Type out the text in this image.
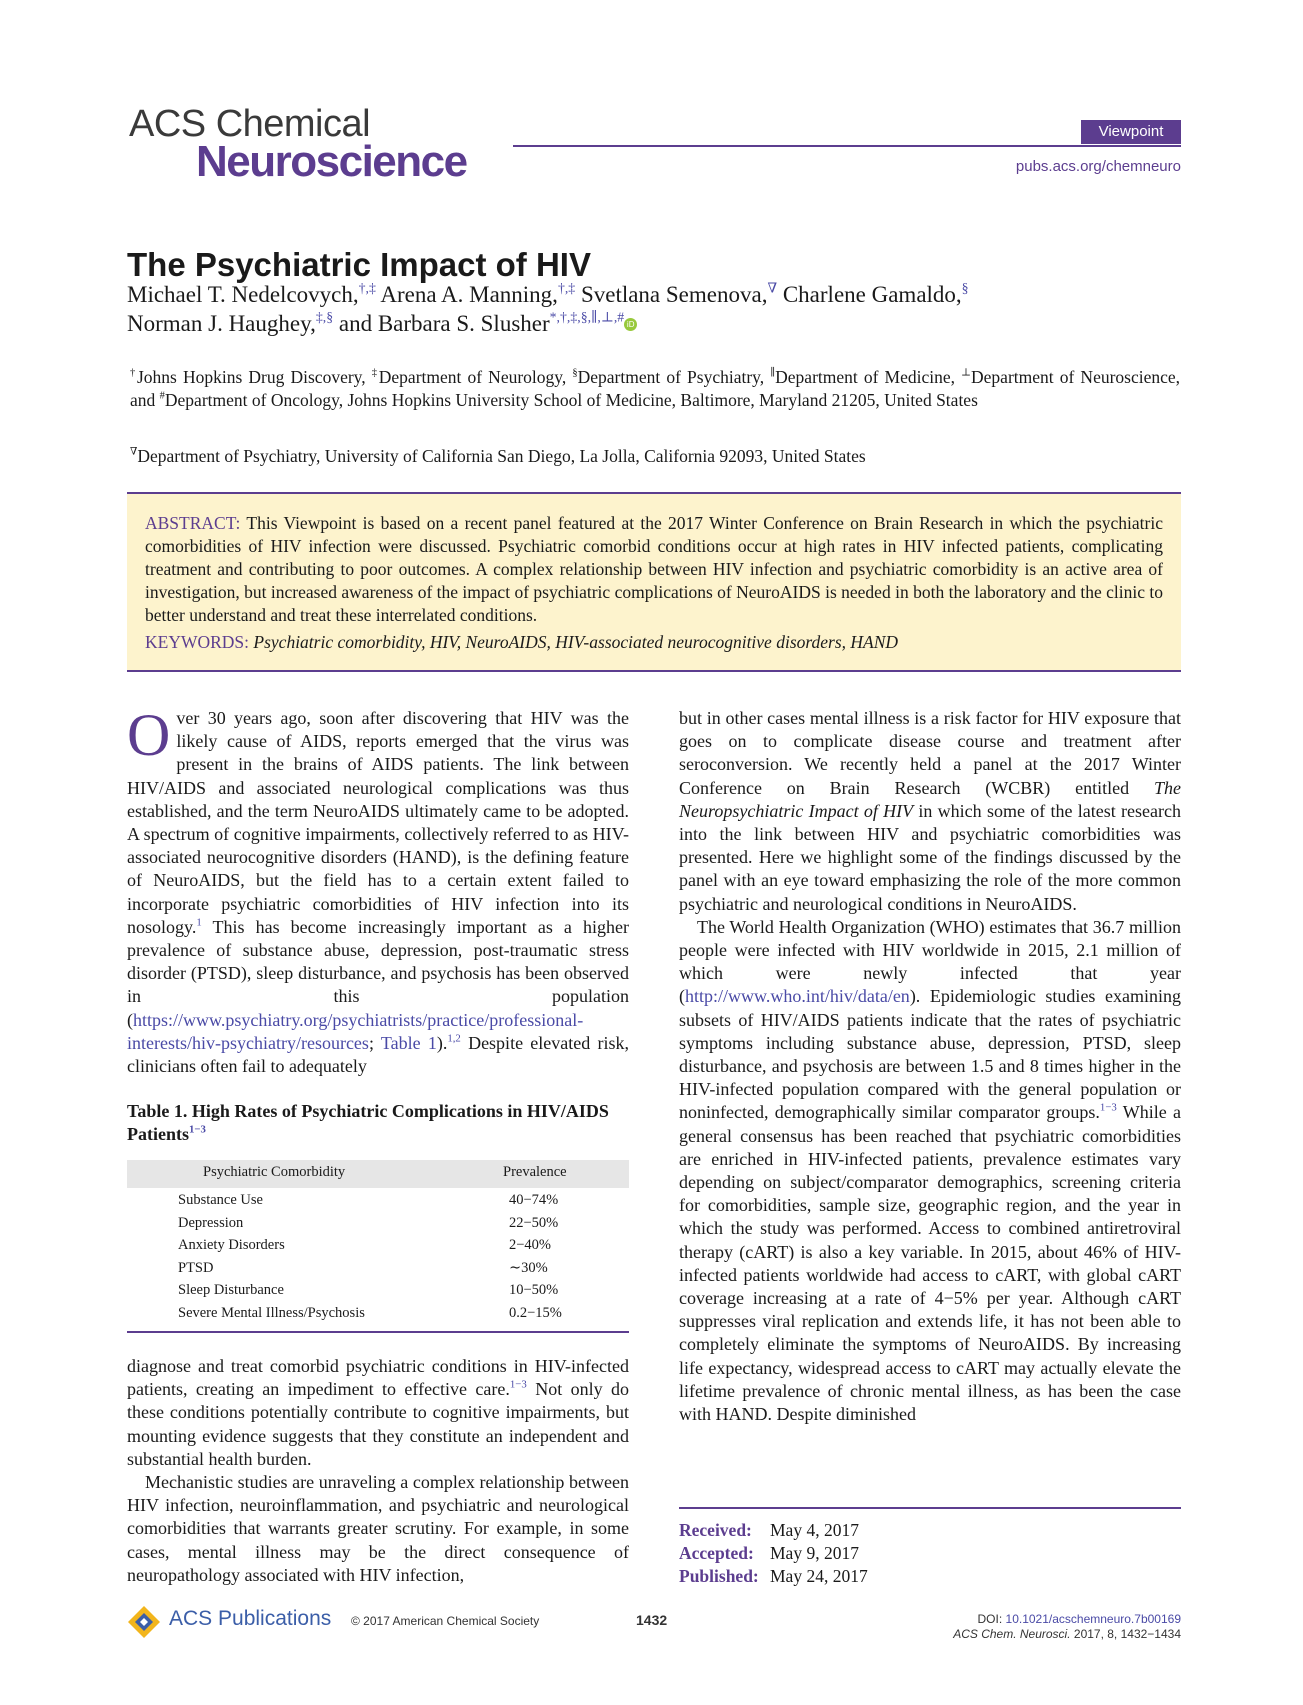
ACS Chemical
Neuroscience
Viewpoint
pubs.acs.org/chemneuro
The Psychiatric Impact of HIV
Michael T. Nedelcovych,†,‡ Arena A. Manning,†,‡ Svetlana Semenova,∇ Charlene Gamaldo,§
Norman J. Haughey,‡,§ and Barbara S. Slusher*,†,‡,§,∥,⊥,#iD
†Johns Hopkins Drug Discovery, ‡Department of Neurology, §Department of Psychiatry, ∥Department of Medicine, ⊥Department of Neuroscience, and #Department of Oncology, Johns Hopkins University School of Medicine, Baltimore, Maryland 21205, United States
∇Department of Psychiatry, University of California San Diego, La Jolla, California 92093, United States
ABSTRACT: This Viewpoint is based on a recent panel featured at the 2017 Winter Conference on Brain Research in which the psychiatric comorbidities of HIV infection were discussed. Psychiatric comorbid conditions occur at high rates in HIV infected patients, complicating treatment and contributing to poor outcomes. A complex relationship between HIV infection and psychiatric comorbidity is an active area of investigation, but increased awareness of the impact of psychiatric complications of NeuroAIDS is needed in both the laboratory and the clinic to better understand and treat these interrelated conditions.
KEYWORDS: Psychiatric comorbidity, HIV, NeuroAIDS, HIV-associated neurocognitive disorders, HAND

Over 30 years ago, soon after discovering that HIV was the likely cause of AIDS, reports emerged that the virus was present in the brains of AIDS patients. The link between HIV/AIDS and associated neurological complications was thus established, and the term NeuroAIDS ultimately came to be adopted. A spectrum of cognitive impairments, collectively referred to as HIV-associated neurocognitive disorders (HAND), is the defining feature of NeuroAIDS, but the field has to a certain extent failed to incorporate psychiatric comorbidities of HIV infection into its nosology.$^1$ This has become increasingly important as a higher prevalence of substance abuse, depression, post-traumatic stress disorder (PTSD), sleep disturbance, and psychosis has been observed in this population (https://www.psychiatry.org/psychiatrists/practice/professional-interests/hiv-psychiatry/resources; Table 1).$^{1,2}$ Despite elevated risk, clinicians often fail to adequately

Table 1. High Rates of Psychiatric Complications in HIV/AIDS Patients$^{1-3}$
Psychiatric Comorbidity	Prevalence
Substance Use	40−74%
Depression	22−50%
Anxiety Disorders	2−40%
PTSD	∼30%
Sleep Disturbance	10−50%
Severe Mental Illness/Psychosis	0.2−15%

diagnose and treat comorbid psychiatric conditions in HIV-infected patients, creating an impediment to effective care.$^{1-3}$ Not only do these conditions potentially contribute to cognitive impairments, but mounting evidence suggests that they constitute an independent and substantial health burden.

Mechanistic studies are unraveling a complex relationship between HIV infection, neuroinflammation, and psychiatric and neurological comorbidities that warrants greater scrutiny. For example, in some cases, mental illness may be the direct consequence of neuropathology associated with HIV infection,

but in other cases mental illness is a risk factor for HIV exposure that goes on to complicate disease course and treatment after seroconversion. We recently held a panel at the 2017 Winter Conference on Brain Research (WCBR) entitled The Neuropsychiatric Impact of HIV in which some of the latest research into the link between HIV and psychiatric comorbidities was presented. Here we highlight some of the findings discussed by the panel with an eye toward emphasizing the role of the more common psychiatric and neurological conditions in NeuroAIDS.

The World Health Organization (WHO) estimates that 36.7 million people were infected with HIV worldwide in 2015, 2.1 million of which were newly infected that year (http://www.who.int/hiv/data/en). Epidemiologic studies examining subsets of HIV/AIDS patients indicate that the rates of psychiatric symptoms including substance abuse, depression, PTSD, sleep disturbance, and psychosis are between 1.5 and 8 times higher in the HIV-infected population compared with the general population or noninfected, demographically similar comparator groups.$^{1-3}$ While a general consensus has been reached that psychiatric comorbidities are enriched in HIV-infected patients, prevalence estimates vary depending on subject/comparator demographics, screening criteria for comorbidities, sample size, geographic region, and the year in which the study was performed. Access to combined antiretroviral therapy (cART) is also a key variable. In 2015, about 46% of HIV-infected patients worldwide had access to cART, with global cART coverage increasing at a rate of 4−5% per year. Although cART suppresses viral replication and extends life, it has not been able to completely eliminate the symptoms of NeuroAIDS. By increasing life expectancy, widespread access to cART may actually elevate the lifetime prevalence of chronic mental illness, as has been the case with HAND. Despite diminished

Received: May 4, 2017
Accepted: May 9, 2017
Published: May 24, 2017
ACS Publications © 2017 American Chemical Society	1432	DOI: 10.1021/acschemneuro.7b00169
ACS Chem. Neurosci. 2017, 8, 1432−1434
